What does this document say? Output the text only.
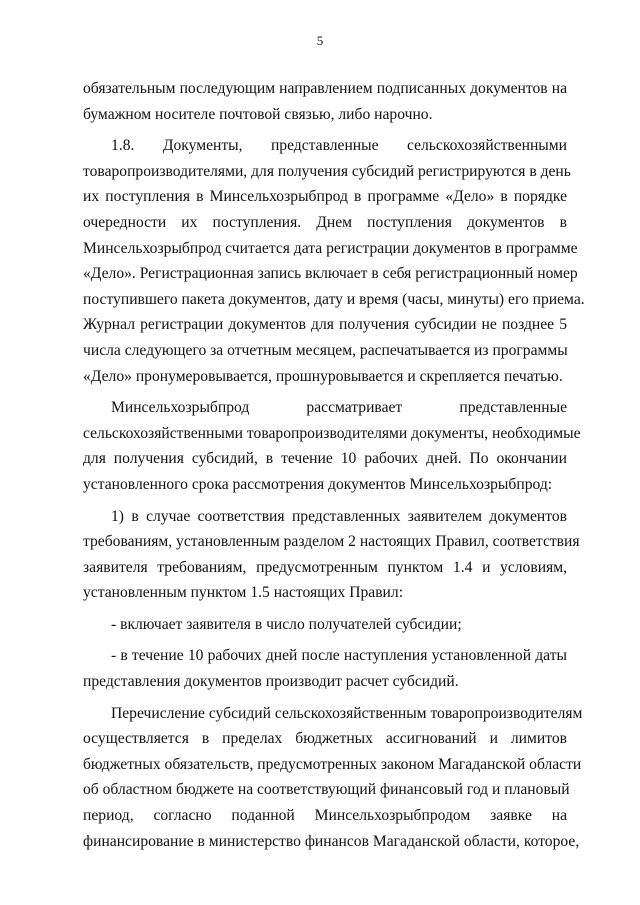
5
обязательным последующим направлением подписанных документов на
бумажном носителе почтовой связью, либо нарочно.
1.8. Документы, представленные сельскохозяйственными
товаропроизводителями, для получения субсидий регистрируются в день
их поступления в Минсельхозрыбпрод в программе «Дело» в порядке
очередности их поступления. Днем поступления документов в
Минсельхозрыбпрод считается дата регистрации документов в программе
«Дело». Регистрационная запись включает в себя регистрационный номер
поступившего пакета документов, дату и время (часы, минуты) его приема.
Журнал регистрации документов для получения субсидии не позднее 5
числа следующего за отчетным месяцем, распечатывается из программы
«Дело» пронумеровывается, прошнуровывается и скрепляется печатью.
Минсельхозрыбпрод рассматривает представленные
сельскохозяйственными товаропроизводителями документы, необходимые
для получения субсидий, в течение 10 рабочих дней. По окончании
установленного срока рассмотрения документов Минсельхозрыбпрод:
1) в случае соответствия представленных заявителем документов
требованиям, установленным разделом 2 настоящих Правил, соответствия
заявителя требованиям, предусмотренным пунктом 1.4 и условиям,
установленным пунктом 1.5 настоящих Правил:
- включает заявителя в число получателей субсидии;
- в течение 10 рабочих дней после наступления установленной даты
представления документов производит расчет субсидий.
Перечисление субсидий сельскохозяйственным товаропроизводителям
осуществляется в пределах бюджетных ассигнований и лимитов
бюджетных обязательств, предусмотренных законом Магаданской области
об областном бюджете на соответствующий финансовый год и плановый
период, согласно поданной Минсельхозрыбпродом заявке на
финансирование в министерство финансов Магаданской области, которое,
